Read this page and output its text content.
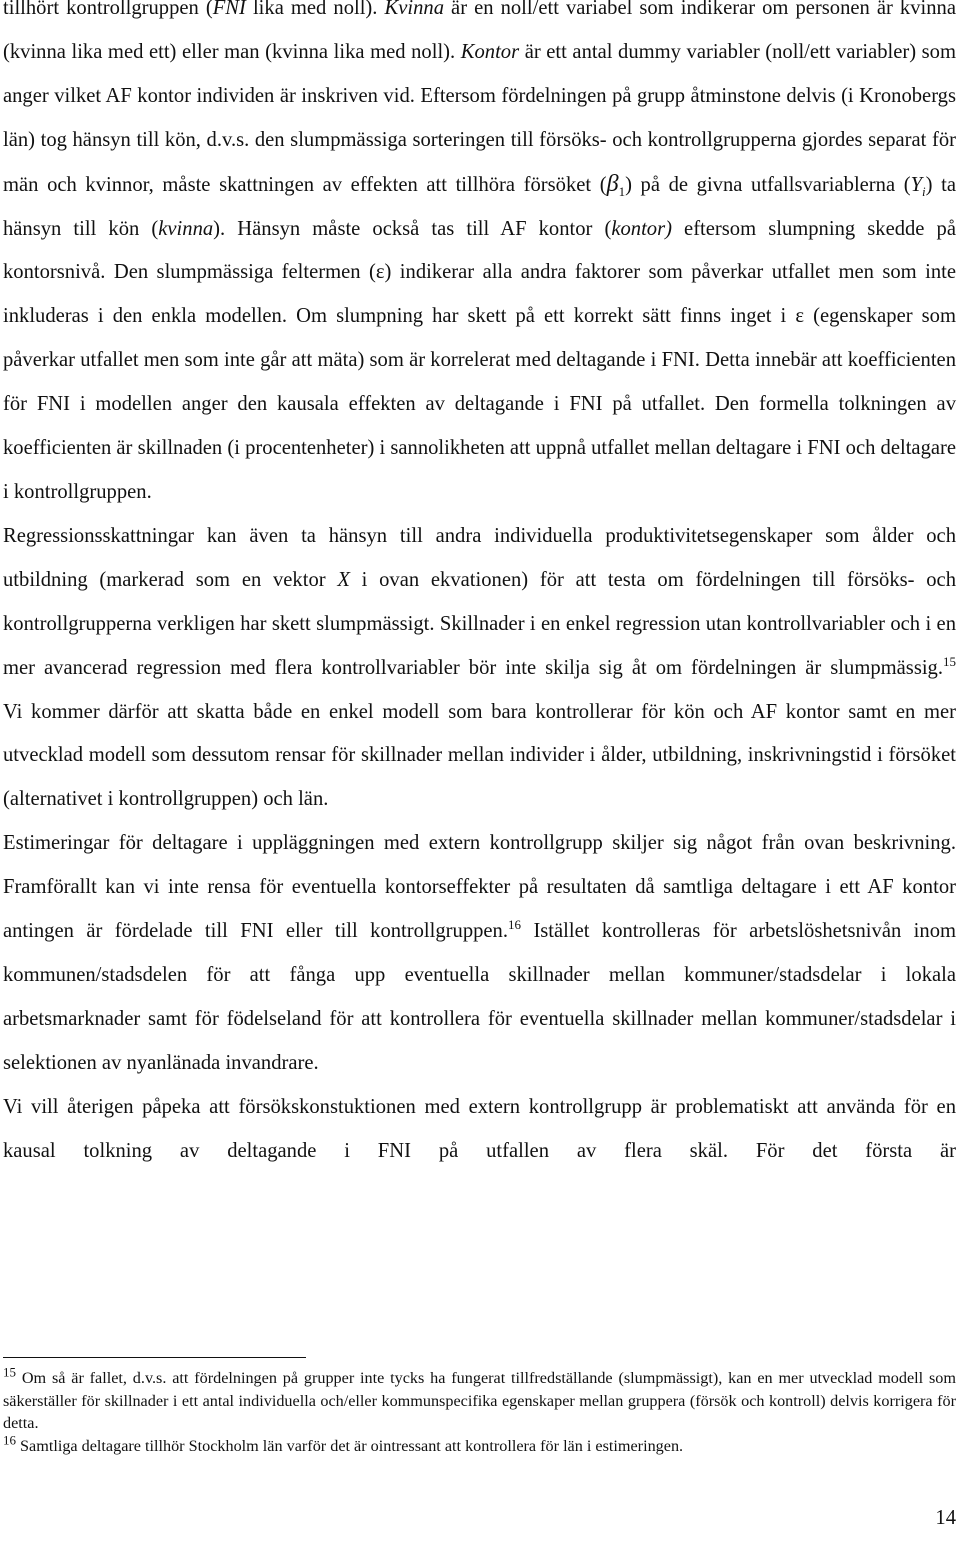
tillhört kontrollgruppen (FNI lika med noll). Kvinna är en noll/ett variabel som indikerar om personen är kvinna (kvinna lika med ett) eller man (kvinna lika med noll). Kontor är ett antal dummy variabler (noll/ett variabler) som anger vilket AF kontor individen är inskriven vid. Eftersom fördelningen på grupp åtminstone delvis (i Kronobergs län) tog hänsyn till kön, d.v.s. den slumpmässiga sorteringen till försöks- och kontrollgrupperna gjordes separat för män och kvinnor, måste skattningen av effekten att tillhöra försöket $(\beta_1)$ på de givna utfallsvariablerna $(Y_i)$ ta hänsyn till kön (kvinna). Hänsyn måste också tas till AF kontor (kontor) eftersom slumpning skedde på kontorsnivå. Den slumpmässiga feltermen (ε) indikerar alla andra faktorer som påverkar utfallet men som inte inkluderas i den enkla modellen. Om slumpning har skett på ett korrekt sätt finns inget i ε (egenskaper som påverkar utfallet men som inte går att mäta) som är korrelerat med deltagande i FNI. Detta innebär att koefficienten för FNI i modellen anger den kausala effekten av deltagande i FNI på utfallet. Den formella tolkningen av koefficienten är skillnaden (i procentenheter) i sannolikheten att uppnå utfallet mellan deltagare i FNI och deltagare i kontrollgruppen.

Regressionsskattningar kan även ta hänsyn till andra individuella produktivitetsegenskaper som ålder och utbildning (markerad som en vektor X i ovan ekvationen) för att testa om fördelningen till försöks- och kontrollgrupperna verkligen har skett slumpmässigt. Skillnader i en enkel regression utan kontrollvariabler och i en mer avancerad regression med flera kontrollvariabler bör inte skilja sig åt om fördelningen är slumpmässig.$^{15}$

Vi kommer därför att skatta både en enkel modell som bara kontrollerar för kön och AF kontor samt en mer utvecklad modell som dessutom rensar för skillnader mellan individer i ålder, utbildning, inskrivningstid i försöket (alternativet i kontrollgruppen) och län.

Estimeringar för deltagare i uppläggningen med extern kontrollgrupp skiljer sig något från ovan beskrivning. Framförallt kan vi inte rensa för eventuella kontorseffekter på resultaten då samtliga deltagare i ett AF kontor antingen är fördelade till FNI eller till kontrollgruppen.$^{16}$ Istället kontrolleras för arbetslöshetsnivån inom kommunen/stadsdelen för att fånga upp eventuella skillnader mellan kommuner/stadsdelar i lokala arbetsmarknader samt för födelseland för att kontrollera för eventuella skillnader mellan kommuner/stadsdelar i selektionen av nyanlänada invandrare.

Vi vill återigen påpeka att försökskonstuktionen med extern kontrollgrupp är problematiskt att använda för en kausal tolkning av deltagande i FNI på utfallen av flera skäl. För det första är

$^{15}$ Om så är fallet, d.v.s. att fördelningen på grupper inte tycks ha fungerat tillfredställande (slumpmässigt), kan en mer utvecklad modell som säkerställer för skillnader i ett antal individuella och/eller kommunspecifika egenskaper mellan gruppera (försök och kontroll) delvis korrigera för detta.

$^{16}$ Samtliga deltagare tillhör Stockholm län varför det är ointressant att kontrollera för län i estimeringen.

14
